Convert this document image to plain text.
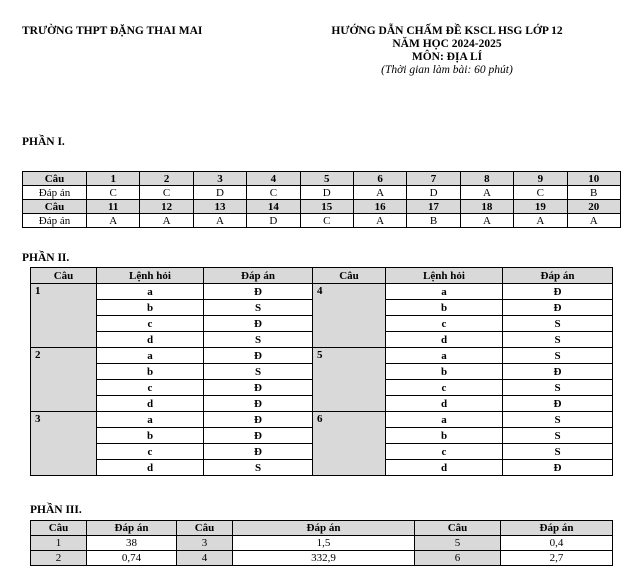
TRƯỜNG THPT ĐẶNG THAI MAI	HƯỚNG DẪN CHẤM ĐỀ KSCL HSG LỚP 12
NĂM HỌC 2024-2025
MÔN: ĐỊA LÍ
(Thời gian làm bài: 60 phút)
PHẦN I.
Câu	1	2	3	4	5	6	7	8	9	10
Đáp án	C	C	D	C	D	A	D	A	C	B
Câu	11	12	13	14	15	16	17	18	19	20
Đáp án	A	A	A	D	C	A	B	A	A	A
PHẦN II.
Câu	Lệnh hỏi	Đáp án	Câu	Lệnh hỏi	Đáp án
1	a	Đ	4	a	Đ
	b	S		b	Đ
	c	Đ		c	S
	d	S		d	S
2	a	Đ	5	a	S
	b	S		b	Đ
	c	Đ		c	S
	d	Đ		d	Đ
3	a	Đ	6	a	S
	b	Đ		b	S
	c	Đ		c	S
	d	S		d	Đ
PHẦN III.
Câu	Đáp án	Câu	Đáp án	Câu	Đáp án
1	38	3	1,5	5	0,4
2	0,74	4	332,9	6	2,7
